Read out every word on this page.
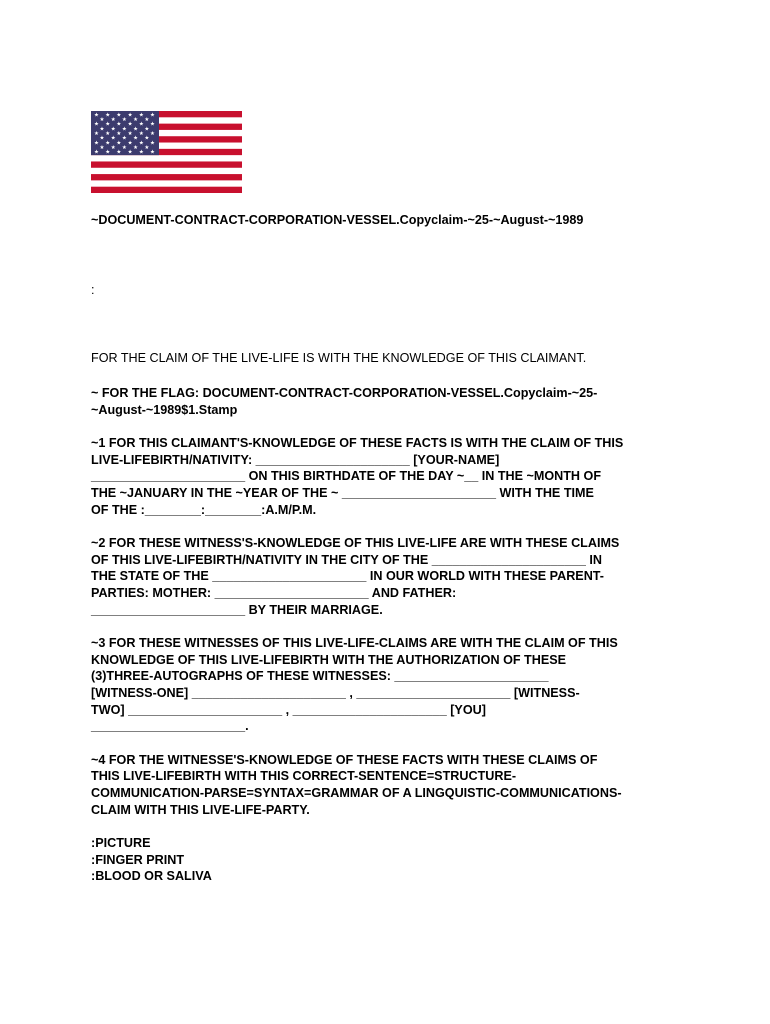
★ ★ ★ ★ ★ ★
★ ★ ★ ★ ★
★ ★ ★ ★ ★ ★
★ ★ ★ ★ ★
★ ★ ★ ★ ★ ★
★ ★ ★ ★ ★
★ ★ ★ ★ ★ ★
★ ★ ★ ★ ★
★ ★ ★ ★ ★ ★
~DOCUMENT-CONTRACT-CORPORATION-VESSEL.Copyclaim-~25-~August-~1989
:
FOR THE CLAIM OF THE LIVE-LIFE IS WITH THE KNOWLEDGE OF THIS CLAIMANT.
~ FOR THE FLAG: DOCUMENT-CONTRACT-CORPORATION-VESSEL.Copyclaim-~25-
~August-~1989$1.Stamp
~1 FOR THIS CLAIMANT'S-KNOWLEDGE OF THESE FACTS IS WITH THE CLAIM OF THIS
LIVE-LIFEBIRTH/NATIVITY: ______________________ [YOUR-NAME]
______________________ ON THIS BIRTHDATE OF THE DAY ~__ IN THE ~MONTH OF
THE ~JANUARY IN THE ~YEAR OF THE ~ ______________________ WITH THE TIME
OF THE :________:________:A.M/P.M.
~2 FOR THESE WITNESS'S-KNOWLEDGE OF THIS LIVE-LIFE ARE WITH THESE CLAIMS
OF THIS LIVE-LIFEBIRTH/NATIVITY IN THE CITY OF THE ______________________ IN
THE STATE OF THE ______________________ IN OUR WORLD WITH THESE PARENT-
PARTIES: MOTHER: ______________________ AND FATHER:
______________________ BY THEIR MARRIAGE.
~3 FOR THESE WITNESSES OF THIS LIVE-LIFE-CLAIMS ARE WITH THE CLAIM OF THIS
KNOWLEDGE OF THIS LIVE-LIFEBIRTH WITH THE AUTHORIZATION OF THESE
(3)THREE-AUTOGRAPHS OF THESE WITNESSES: ______________________
[WITNESS-ONE] ______________________ , ______________________ [WITNESS-
TWO] ______________________ , ______________________ [YOU]
______________________.
~4 FOR THE WITNESSE'S-KNOWLEDGE OF THESE FACTS WITH THESE CLAIMS OF
THIS LIVE-LIFEBIRTH WITH THIS CORRECT-SENTENCE=STRUCTURE-
COMMUNICATION-PARSE=SYNTAX=GRAMMAR OF A LINGQUISTIC-COMMUNICATIONS-
CLAIM WITH THIS LIVE-LIFE-PARTY.
:PICTURE
:FINGER PRINT
:BLOOD OR SALIVA
